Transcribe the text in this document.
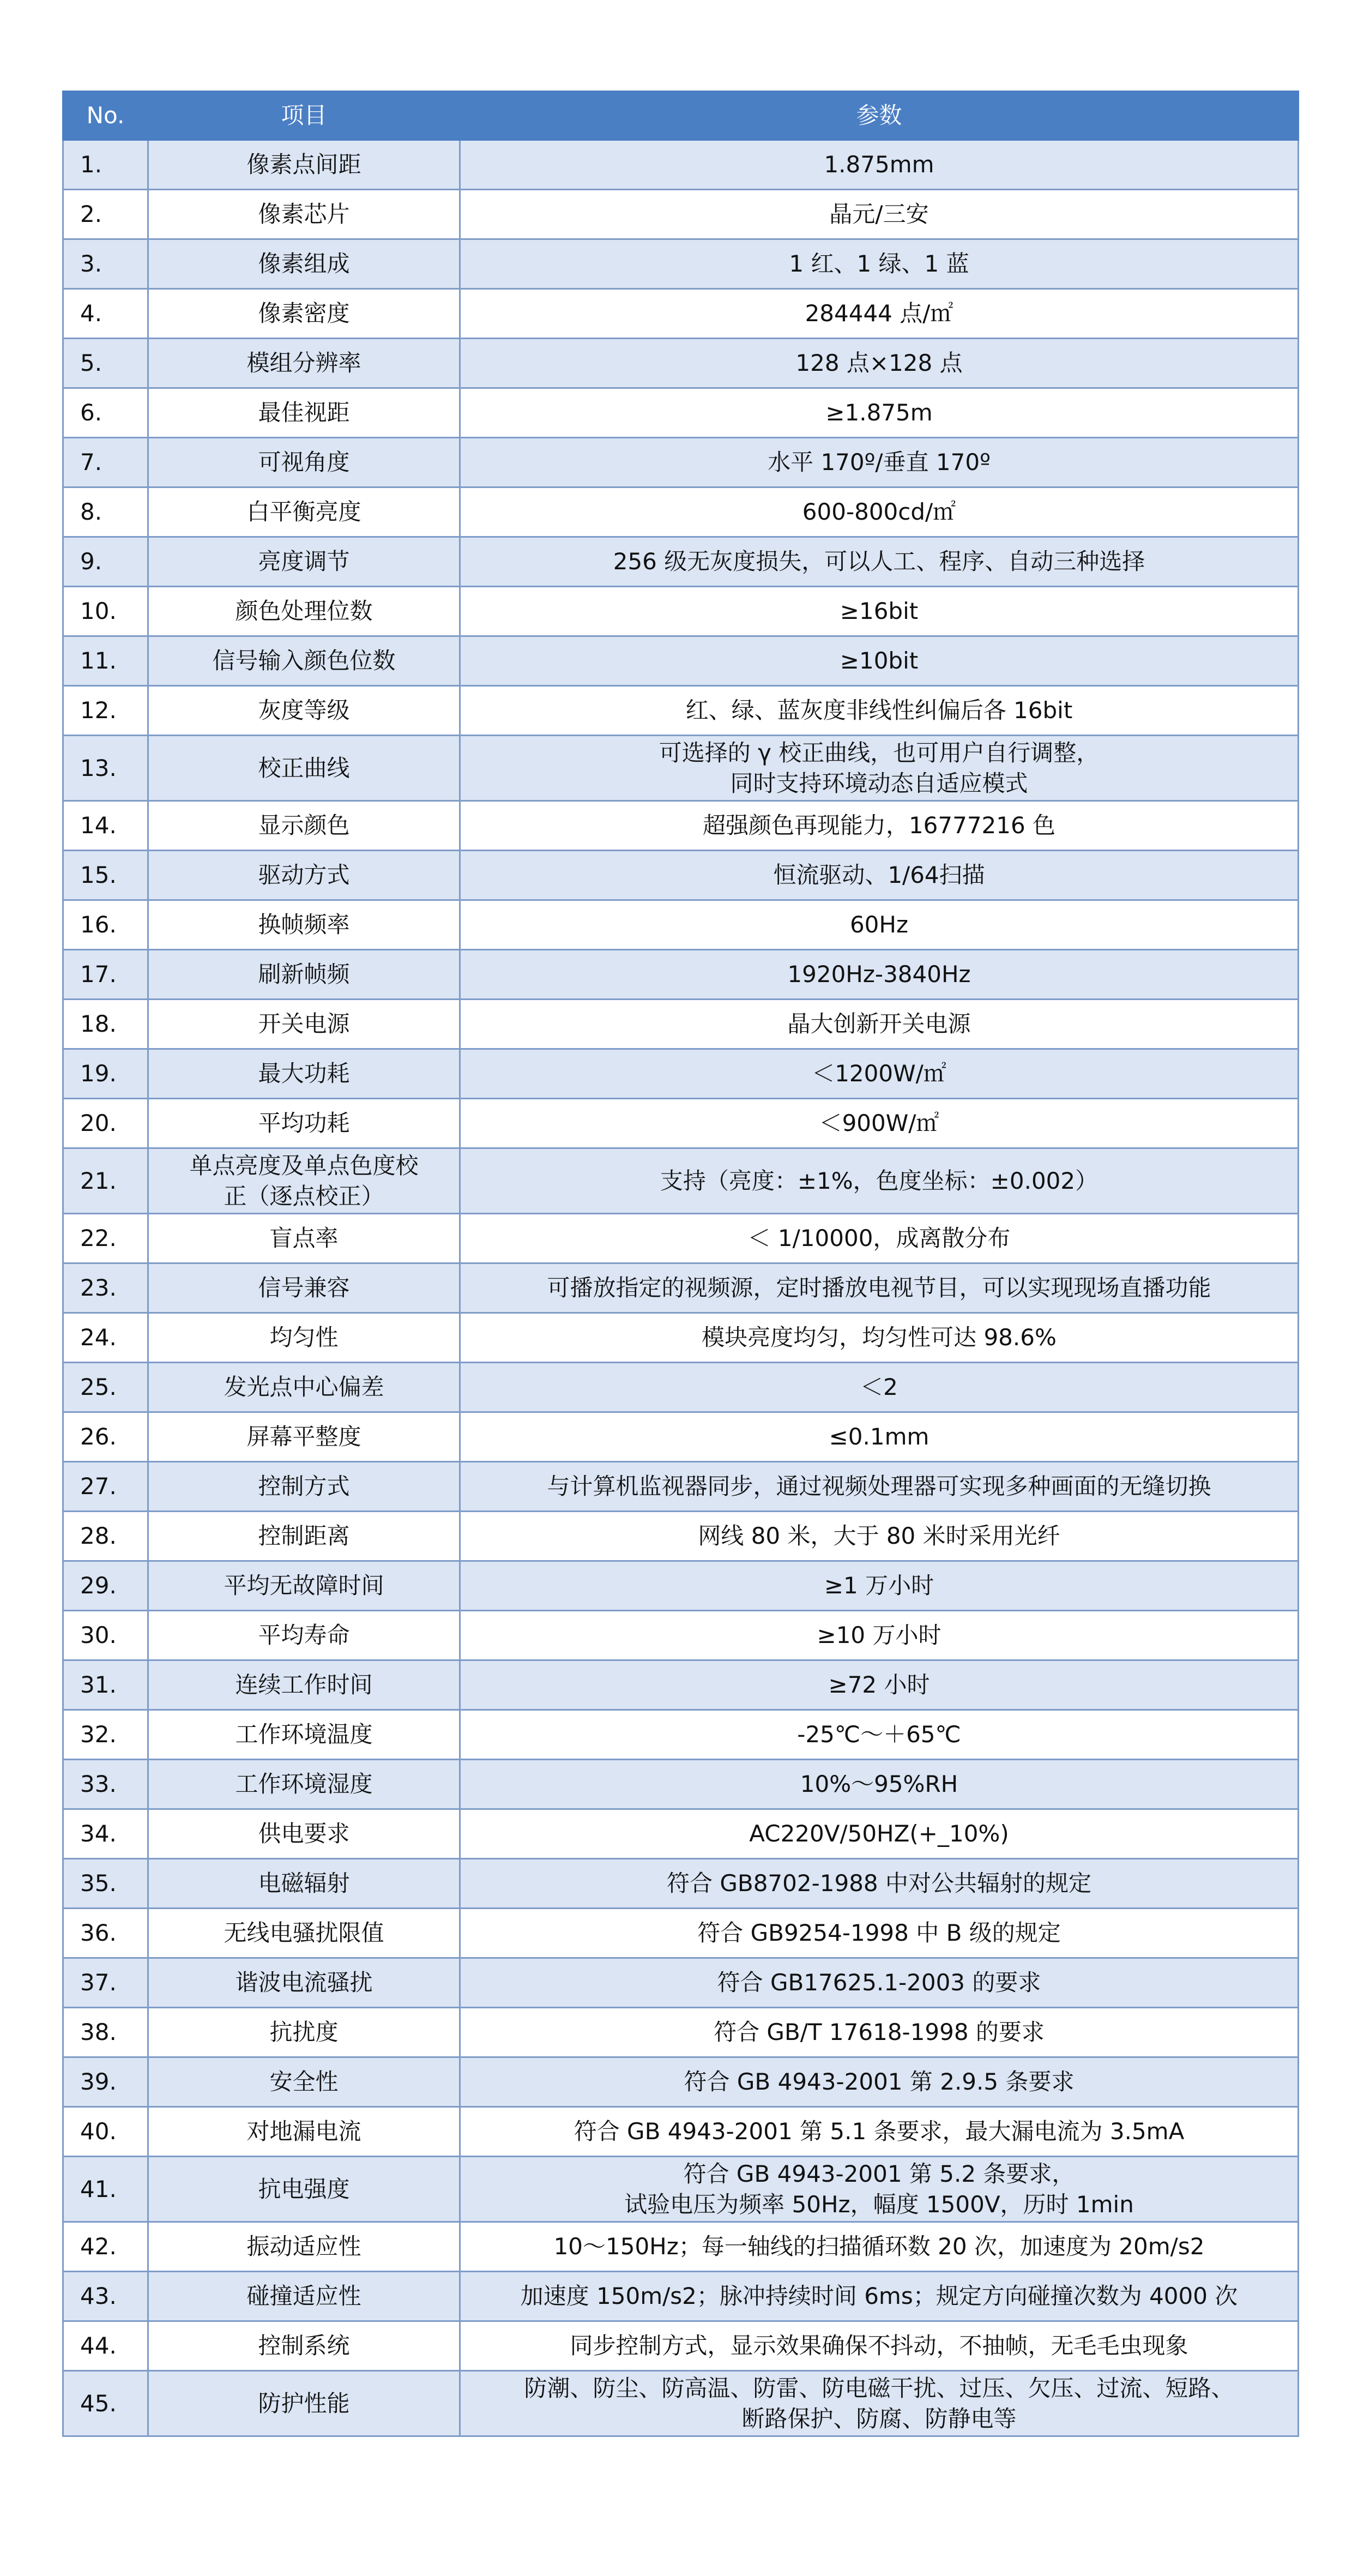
No.	项目	参数
1.	像素点间距	1.875mm
2.	像素芯片	晶元/三安
3.	像素组成	1 红、1 绿、1 蓝
4.	像素密度	284444 点/㎡
5.	模组分辨率	128 点×128 点
6.	最佳视距	≥1.875m
7.	可视角度	水平 170º/垂直 170º
8.	白平衡亮度	600-800cd/㎡
9.	亮度调节	256 级无灰度损失，可以人工、程序、自动三种选择
10.	颜色处理位数	≥16bit
11.	信号输入颜色位数	≥10bit
12.	灰度等级	红、绿、蓝灰度非线性纠偏后各 16bit
13.	校正曲线	可选择的 γ 校正曲线，也可用户自行调整，
同时支持环境动态自适应模式
14.	显示颜色	超强颜色再现能力，16777216 色
15.	驱动方式	恒流驱动、1/64扫描
16.	换帧频率	60Hz
17.	刷新帧频	1920Hz-3840Hz
18.	开关电源	晶大创新开关电源
19.	最大功耗	＜1200W/㎡
20.	平均功耗	＜900W/㎡
21.	单点亮度及单点色度校
正（逐点校正）	支持（亮度：±1%，色度坐标：±0.002）
22.	盲点率	＜ 1/10000，成离散分布
23.	信号兼容	可播放指定的视频源，定时播放电视节目，可以实现现场直播功能
24.	均匀性	模块亮度均匀，均匀性可达 98.6%
25.	发光点中心偏差	＜2
26.	屏幕平整度	≤0.1mm
27.	控制方式	与计算机监视器同步，通过视频处理器可实现多种画面的无缝切换
28.	控制距离	网线 80 米，大于 80 米时采用光纤
29.	平均无故障时间	≥1 万小时
30.	平均寿命	≥10 万小时
31.	连续工作时间	≥72 小时
32.	工作环境温度	-25℃～＋65℃
33.	工作环境湿度	10%～95%RH
34.	供电要求	AC220V/50HZ(+_10%)
35.	电磁辐射	符合 GB8702-1988 中对公共辐射的规定
36.	无线电骚扰限值	符合 GB9254-1998 中 B 级的规定
37.	谐波电流骚扰	符合 GB17625.1-2003 的要求
38.	抗扰度	符合 GB/T 17618-1998 的要求
39.	安全性	符合 GB 4943-2001 第 2.9.5 条要求
40.	对地漏电流	符合 GB 4943-2001 第 5.1 条要求，最大漏电流为 3.5mA
41.	抗电强度	符合 GB 4943-2001 第 5.2 条要求，
试验电压为频率 50Hz，幅度 1500V，历时 1min
42.	振动适应性	10～150Hz；每一轴线的扫描循环数 20 次，加速度为 20m/s2
43.	碰撞适应性	加速度 150m/s2；脉冲持续时间 6ms；规定方向碰撞次数为 4000 次
44.	控制系统	同步控制方式，显示效果确保不抖动，不抽帧，无毛毛虫现象
45.	防护性能	防潮、防尘、防高温、防雷、防电磁干扰、过压、欠压、过流、短路、
断路保护、防腐、防静电等
